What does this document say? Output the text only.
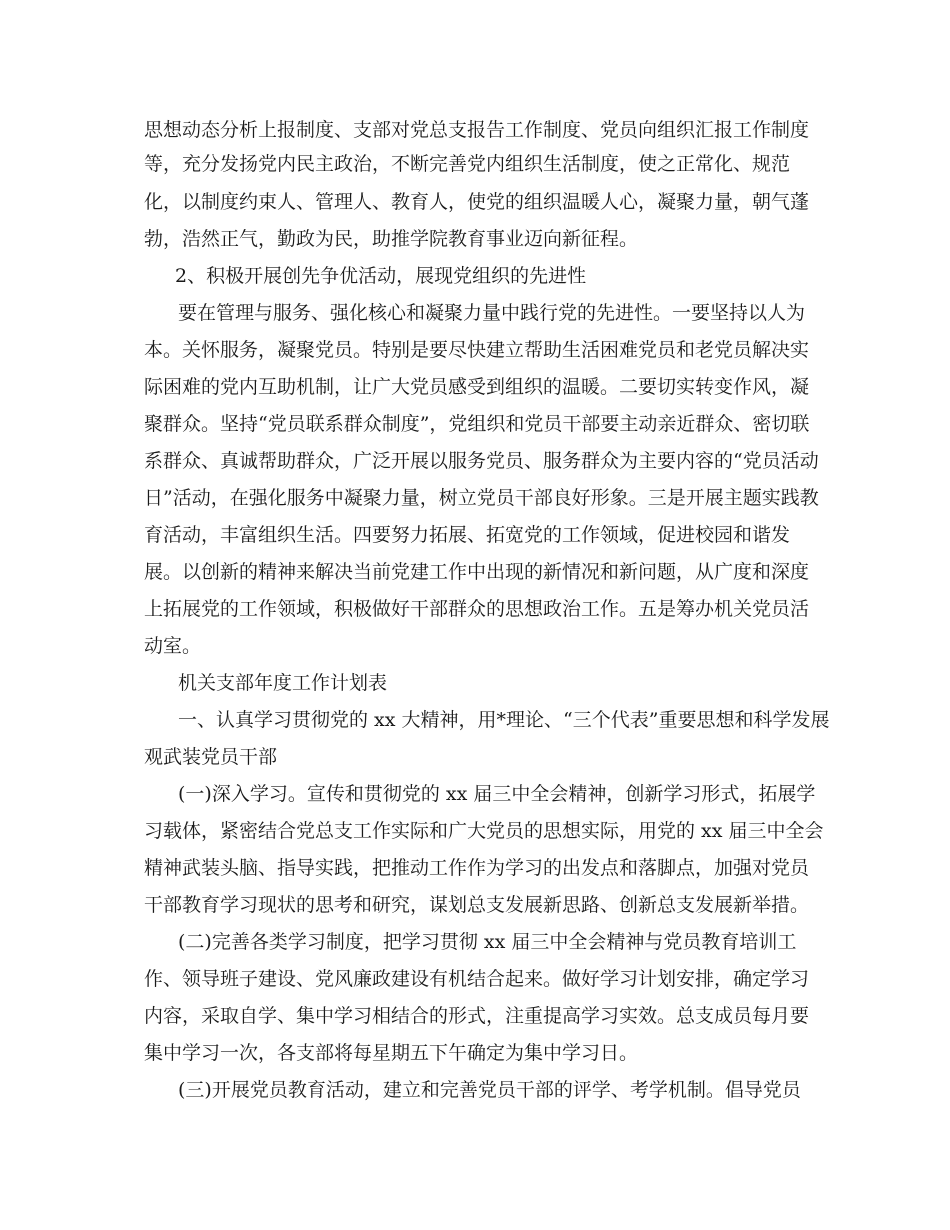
思想动态分析上报制度、支部对党总支报告工作制度、党员向组织汇报工作制度
等，充分发扬党内民主政治，不断完善党内组织生活制度，使之正常化、规范
化，以制度约束人、管理人、教育人，使党的组织温暖人心，凝聚力量，朝气蓬
勃，浩然正气，勤政为民，助推学院教育事业迈向新征程。
2、积极开展创先争优活动，展现党组织的先进性
要在管理与服务、强化核心和凝聚力量中践行党的先进性。一要坚持以人为
本。关怀服务，凝聚党员。特别是要尽快建立帮助生活困难党员和老党员解决实
际困难的党内互助机制，让广大党员感受到组织的温暖。二要切实转变作风，凝
聚群众。坚持“党员联系群众制度”，党组织和党员干部要主动亲近群众、密切联
系群众、真诚帮助群众，广泛开展以服务党员、服务群众为主要内容的“党员活动
日”活动，在强化服务中凝聚力量，树立党员干部良好形象。三是开展主题实践教
育活动，丰富组织生活。四要努力拓展、拓宽党的工作领域，促进校园和谐发
展。以创新的精神来解决当前党建工作中出现的新情况和新问题，从广度和深度
上拓展党的工作领域，积极做好干部群众的思想政治工作。五是筹办机关党员活
动室。
机关支部年度工作计划表
一、认真学习贯彻党的 xx 大精神，用*理论、“三个代表”重要思想和科学发展
观武装党员干部
(一)深入学习。宣传和贯彻党的 xx 届三中全会精神，创新学习形式，拓展学
习载体，紧密结合党总支工作实际和广大党员的思想实际，用党的 xx 届三中全会
精神武装头脑、指导实践，把推动工作作为学习的出发点和落脚点，加强对党员
干部教育学习现状的思考和研究，谋划总支发展新思路、创新总支发展新举措。
(二)完善各类学习制度，把学习贯彻 xx 届三中全会精神与党员教育培训工
作、领导班子建设、党风廉政建设有机结合起来。做好学习计划安排，确定学习
内容，采取自学、集中学习相结合的形式，注重提高学习实效。总支成员每月要
集中学习一次，各支部将每星期五下午确定为集中学习日。
(三)开展党员教育活动，建立和完善党员干部的评学、考学机制。倡导党员
